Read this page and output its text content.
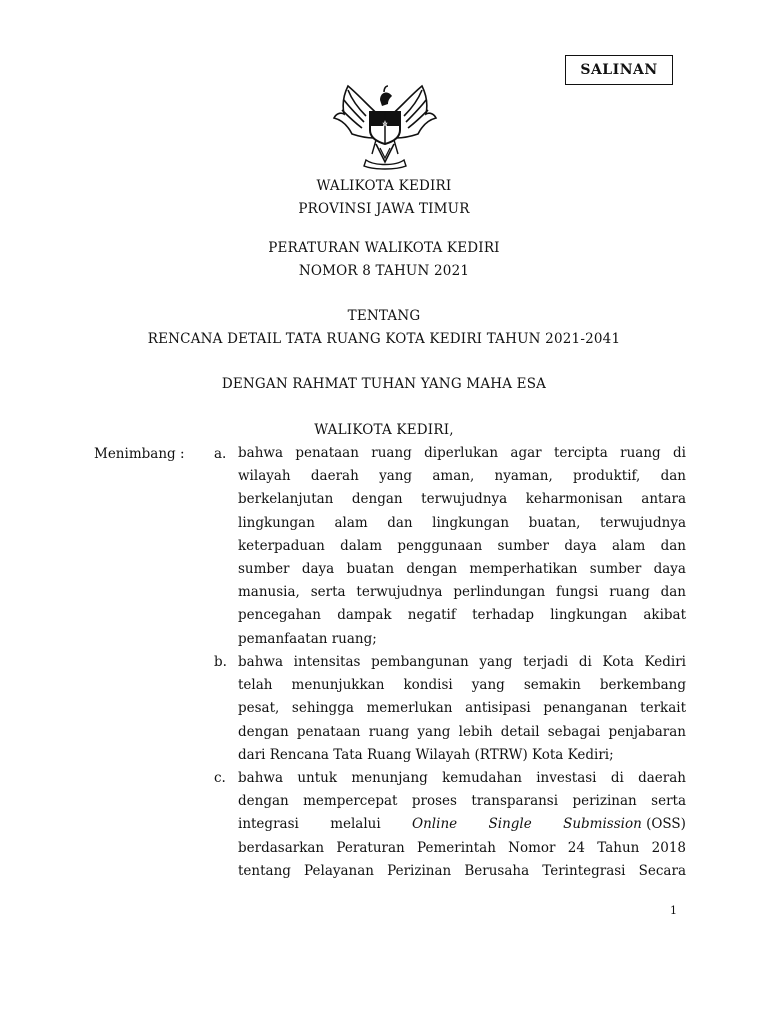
SALINAN
WALIKOTA KEDIRI
PROVINSI JAWA TIMUR
PERATURAN WALIKOTA KEDIRI
NOMOR 8 TAHUN 2021
TENTANG
RENCANA DETAIL TATA RUANG KOTA KEDIRI TAHUN 2021-2041
DENGAN RAHMAT TUHAN YANG MAHA ESA
WALIKOTA KEDIRI,
Menimbang : a. bahwa penataan ruang diperlukan agar tercipta ruang di
wilayah daerah yang aman, nyaman, produktif, dan
berkelanjutan dengan terwujudnya keharmonisan antara
lingkungan alam dan lingkungan buatan, terwujudnya
keterpaduan dalam penggunaan sumber daya alam dan
sumber daya buatan dengan memperhatikan sumber daya
manusia, serta terwujudnya perlindungan fungsi ruang dan
pencegahan dampak negatif terhadap lingkungan akibat
pemanfaatan ruang;
b. bahwa intensitas pembangunan yang terjadi di Kota Kediri
telah menunjukkan kondisi yang semakin berkembang
pesat, sehingga memerlukan antisipasi penanganan terkait
dengan penataan ruang yang lebih detail sebagai penjabaran
dari Rencana Tata Ruang Wilayah (RTRW) Kota Kediri;
c. bahwa untuk menunjang kemudahan investasi di daerah
dengan mempercepat proses transparansi perizinan serta
integrasi melalui Online Single Submission (OSS)
berdasarkan Peraturan Pemerintah Nomor 24 Tahun 2018
tentang Pelayanan Perizinan Berusaha Terintegrasi Secara
1
